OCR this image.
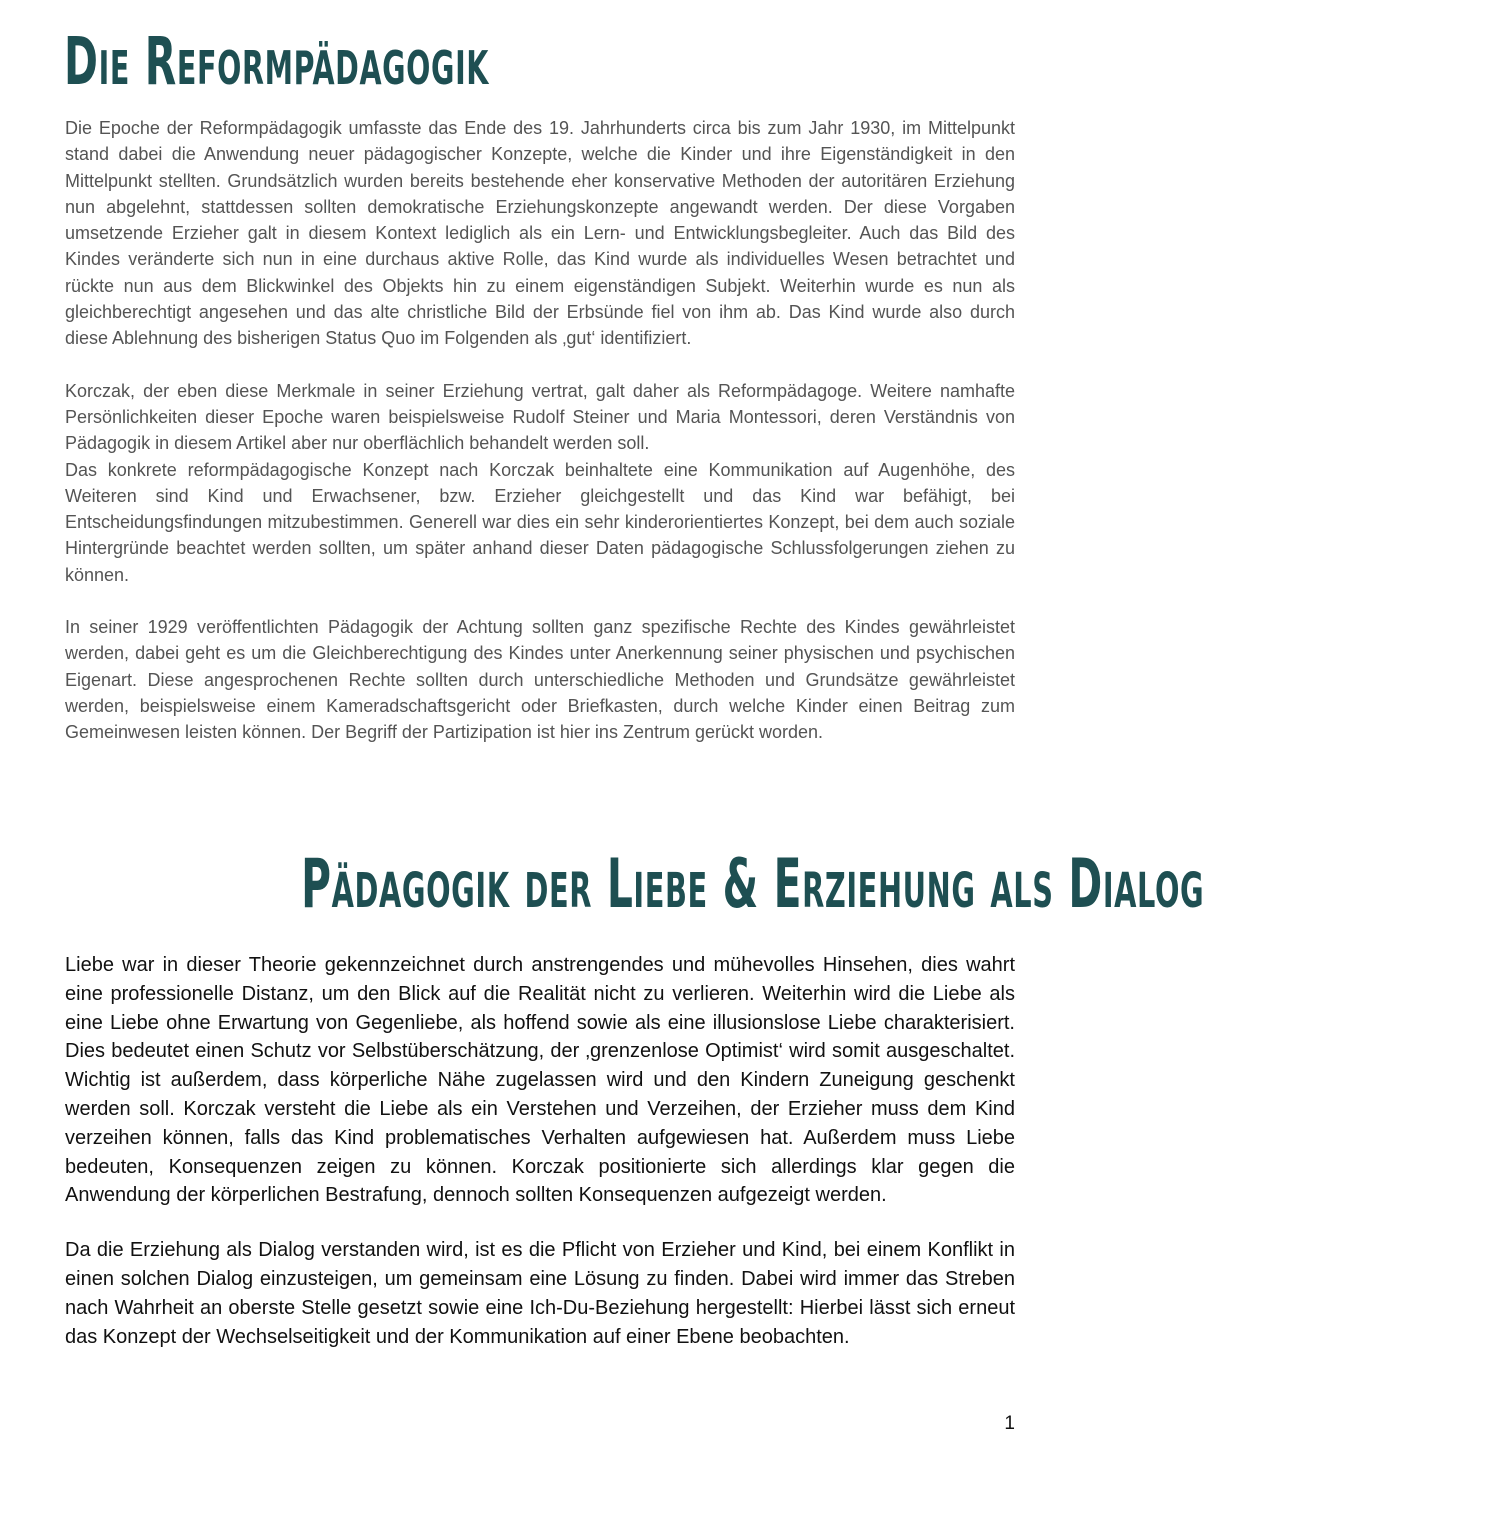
Die Reformpädagogik

Die Epoche der Reformpädagogik umfasste das Ende des 19. Jahrhunderts circa bis zum Jahr 1930, im Mittelpunkt stand dabei die Anwendung neuer pädagogischer Konzepte, welche die Kinder und ihre Eigenständigkeit in den Mittelpunkt stellten. Grundsätzlich wurden bereits bestehende eher konservative Methoden der autoritären Erziehung nun abgelehnt, stattdessen sollten demokratische Erziehungskonzepte angewandt werden. Der diese Vorgaben umsetzende Erzieher galt in diesem Kontext lediglich als ein Lern- und Entwicklungsbegleiter. Auch das Bild des Kindes veränderte sich nun in eine durchaus aktive Rolle, das Kind wurde als individuelles Wesen betrachtet und rückte nun aus dem Blickwinkel des Objekts hin zu einem eigenständigen Subjekt. Weiterhin wurde es nun als gleichberechtigt angesehen und das alte christliche Bild der Erbsünde fiel von ihm ab. Das Kind wurde also durch diese Ablehnung des bisherigen Status Quo im Folgenden als ‚gut‘ identifiziert.

Korczak, der eben diese Merkmale in seiner Erziehung vertrat, galt daher als Reformpädagoge. Weitere namhafte Persönlichkeiten dieser Epoche waren beispielsweise Rudolf Steiner und Maria Montessori, deren Verständnis von Pädagogik in diesem Artikel aber nur oberflächlich behandelt werden soll.

Das konkrete reformpädagogische Konzept nach Korczak beinhaltete eine Kommunikation auf Augenhöhe, des Weiteren sind Kind und Erwachsener, bzw. Erzieher gleichgestellt und das Kind war befähigt, bei Entscheidungsfindungen mitzubestimmen. Generell war dies ein sehr kinderorientiertes Konzept, bei dem auch soziale Hintergründe beachtet werden sollten, um später anhand dieser Daten pädagogische Schlussfolgerungen ziehen zu können.

In seiner 1929 veröffentlichten Pädagogik der Achtung sollten ganz spezifische Rechte des Kindes gewährleistet werden, dabei geht es um die Gleichberechtigung des Kindes unter Anerkennung seiner physischen und psychischen Eigenart. Diese angesprochenen Rechte sollten durch unterschiedliche Methoden und Grundsätze gewährleistet werden, beispielsweise einem Kameradschaftsgericht oder Briefkasten, durch welche Kinder einen Beitrag zum Gemeinwesen leisten können. Der Begriff der Partizipation ist hier ins Zentrum gerückt worden.

Pädagogik der Liebe & Erziehung als Dialog

Liebe war in dieser Theorie gekennzeichnet durch anstrengendes und mühevolles Hinsehen, dies wahrt eine professionelle Distanz, um den Blick auf die Realität nicht zu verlieren. Weiterhin wird die Liebe als eine Liebe ohne Erwartung von Gegenliebe, als hoffend sowie als eine illusionslose Liebe charakterisiert. Dies bedeutet einen Schutz vor Selbstüberschätzung, der ‚grenzenlose Optimist‘ wird somit ausgeschaltet. Wichtig ist außerdem, dass körperliche Nähe zugelassen wird und den Kindern Zuneigung geschenkt werden soll. Korczak versteht die Liebe als ein Verstehen und Verzeihen, der Erzieher muss dem Kind verzeihen können, falls das Kind problematisches Verhalten aufgewiesen hat. Außerdem muss Liebe bedeuten, Konsequenzen zeigen zu können. Korczak positionierte sich allerdings klar gegen die Anwendung der körperlichen Bestrafung, dennoch sollten Konsequenzen aufgezeigt werden.

Da die Erziehung als Dialog verstanden wird, ist es die Pflicht von Erzieher und Kind, bei einem Konflikt in einen solchen Dialog einzusteigen, um gemeinsam eine Lösung zu finden. Dabei wird immer das Streben nach Wahrheit an oberste Stelle gesetzt sowie eine Ich-Du-Beziehung hergestellt: Hierbei lässt sich erneut das Konzept der Wechselseitigkeit und der Kommunikation auf einer Ebene beobachten.

1
